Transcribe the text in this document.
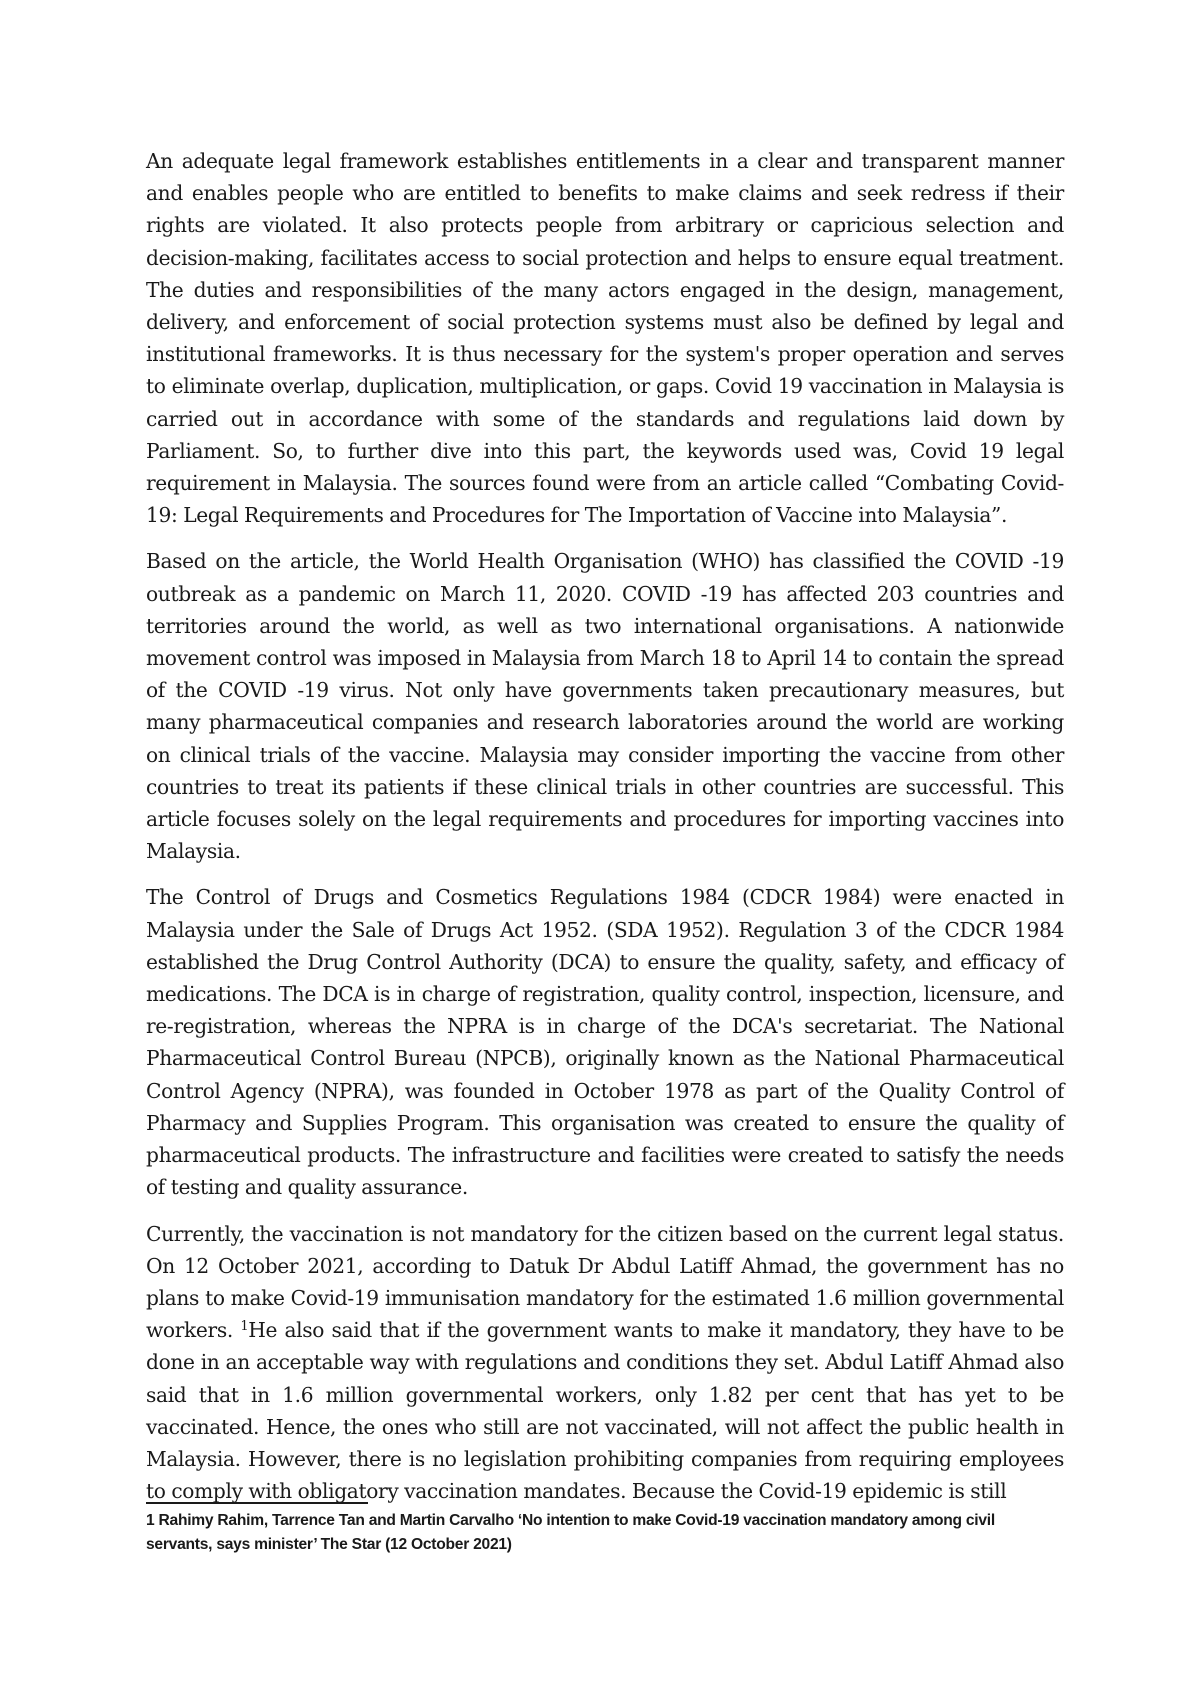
An adequate legal framework establishes entitlements in a clear and transparent manner and enables people who are entitled to benefits to make claims and seek redress if their rights are violated. It also protects people from arbitrary or capricious selection and decision-making, facilitates access to social protection and helps to ensure equal treatment. The duties and responsibilities of the many actors engaged in the design, management, delivery, and enforcement of social protection systems must also be defined by legal and institutional frameworks. It is thus necessary for the system's proper operation and serves to eliminate overlap, duplication, multiplication, or gaps. Covid 19 vaccination in Malaysia is carried out in accordance with some of the standards and regulations laid down by Parliament. So, to further dive into this part, the keywords used was, Covid 19 legal requirement in Malaysia. The sources found were from an article called “Combating Covid-19: Legal Requirements and Procedures for The Importation of Vaccine into Malaysia”.

Based on the article, the World Health Organisation (WHO) has classified the COVID -19 outbreak as a pandemic on March 11, 2020. COVID -19 has affected 203 countries and territories around the world, as well as two international organisations. A nationwide movement control was imposed in Malaysia from March 18 to April 14 to contain the spread of the COVID -19 virus. Not only have governments taken precautionary measures, but many pharmaceutical companies and research laboratories around the world are working on clinical trials of the vaccine. Malaysia may consider importing the vaccine from other countries to treat its patients if these clinical trials in other countries are successful. This article focuses solely on the legal requirements and procedures for importing vaccines into Malaysia.

The Control of Drugs and Cosmetics Regulations 1984 (CDCR 1984) were enacted in Malaysia under the Sale of Drugs Act 1952. (SDA 1952). Regulation 3 of the CDCR 1984 established the Drug Control Authority (DCA) to ensure the quality, safety, and efficacy of medications. The DCA is in charge of registration, quality control, inspection, licensure, and re-registration, whereas the NPRA is in charge of the DCA's secretariat. The National Pharmaceutical Control Bureau (NPCB), originally known as the National Pharmaceutical Control Agency (NPRA), was founded in October 1978 as part of the Quality Control of Pharmacy and Supplies Program. This organisation was created to ensure the quality of pharmaceutical products. The infrastructure and facilities were created to satisfy the needs of testing and quality assurance.

Currently, the vaccination is not mandatory for the citizen based on the current legal status. On 12 October 2021, according to Datuk Dr Abdul Latiff Ahmad, the government has no plans to make Covid-19 immunisation mandatory for the estimated 1.6 million governmental workers. $^1$He also said that if the government wants to make it mandatory, they have to be done in an acceptable way with regulations and conditions they set. Abdul Latiff Ahmad also said that in 1.6 million governmental workers, only 1.82 per cent that has yet to be vaccinated. Hence, the ones who still are not vaccinated, will not affect the public health in Malaysia. However, there is no legislation prohibiting companies from requiring employees to comply with obligatory vaccination mandates. Because the Covid-19 epidemic is still

1 Rahimy Rahim, Tarrence Tan and Martin Carvalho ‘No intention to make Covid-19 vaccination mandatory among civil servants, says minister’ The Star (12 October 2021)
